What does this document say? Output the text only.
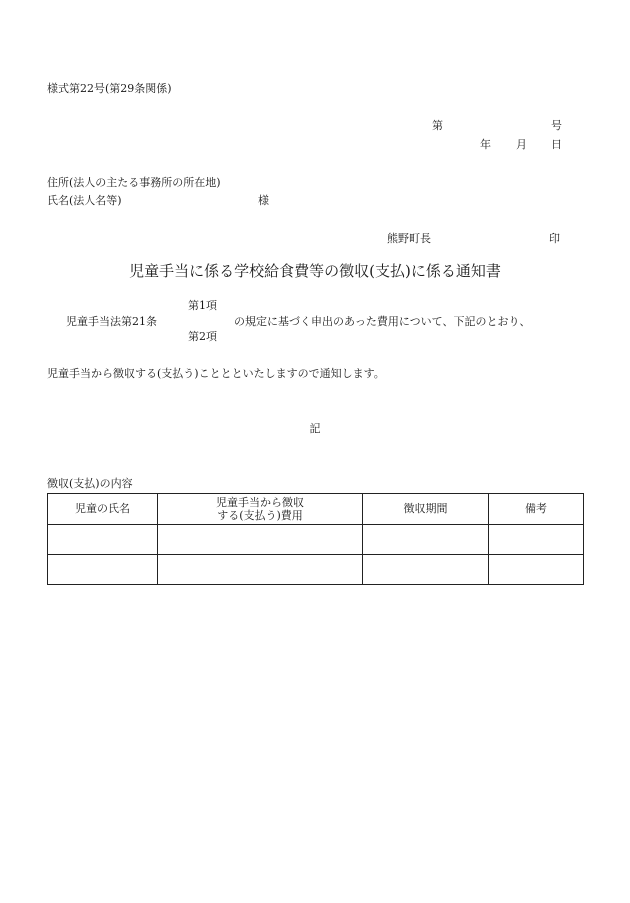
様式第22号(第29条関係)
第	号
年 月 日
住所(法人の主たる事務所の所在地)
氏名(法人名等)	様
熊野町長	印
児童手当に係る学校給食費等の徴収(支払)に係る通知書
児童手当法第21条
第1項
第2項
の規定に基づく申出のあった費用について、下記のとおり、
児童手当から徴収する(支払う)こととといたしますので通知します。
記
徴収(支払)の内容
児童の氏名	児童手当から徴収する(支払う)費用	徴収期間	備考
